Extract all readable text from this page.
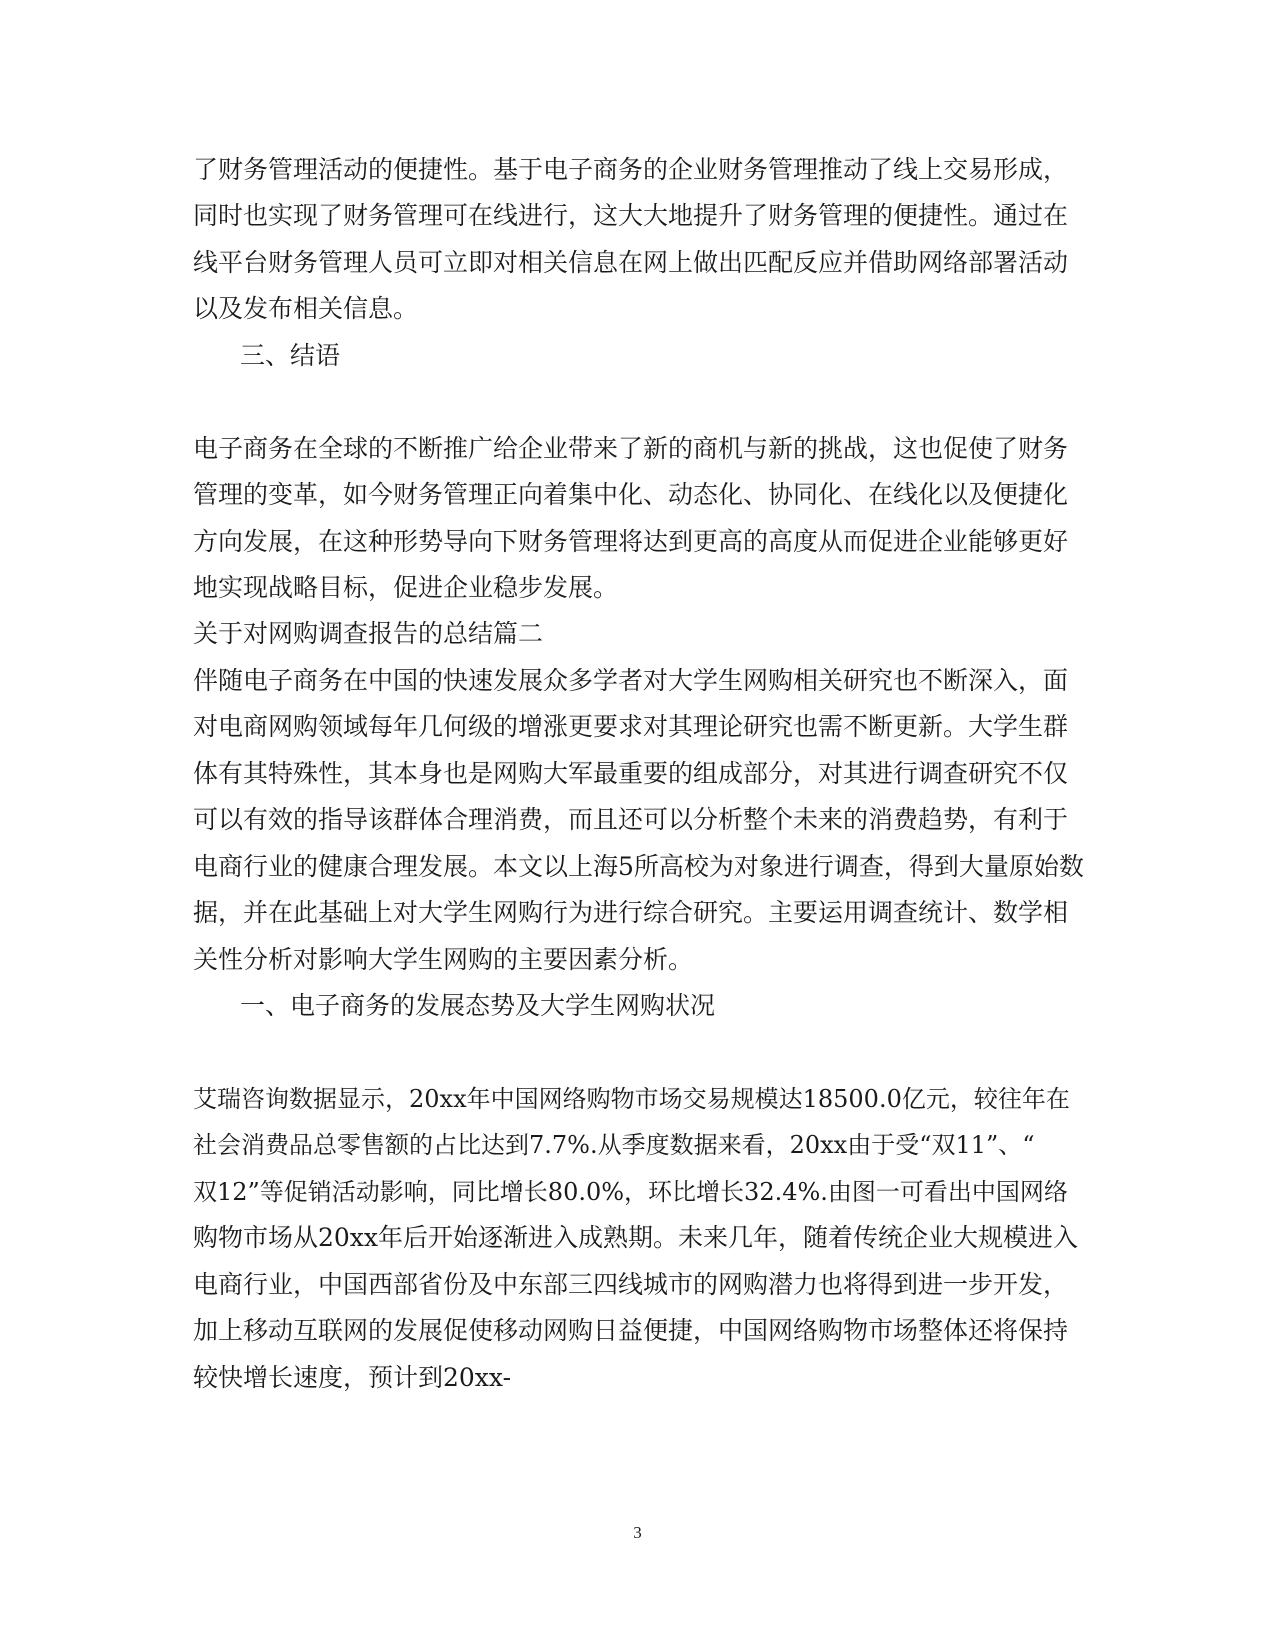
了财务管理活动的便捷性。基于电子商务的企业财务管理推动了线上交易形成，
同时也实现了财务管理可在线进行，这大大地提升了财务管理的便捷性。通过在
线平台财务管理人员可立即对相关信息在网上做出匹配反应并借助网络部署活动
以及发布相关信息。
三、结语
电子商务在全球的不断推广给企业带来了新的商机与新的挑战，这也促使了财务
管理的变革，如今财务管理正向着集中化、动态化、协同化、在线化以及便捷化
方向发展，在这种形势导向下财务管理将达到更高的高度从而促进企业能够更好
地实现战略目标，促进企业稳步发展。
关于对网购调查报告的总结篇二
伴随电子商务在中国的快速发展众多学者对大学生网购相关研究也不断深入，面
对电商网购领域每年几何级的增涨更要求对其理论研究也需不断更新。大学生群
体有其特殊性，其本身也是网购大军最重要的组成部分，对其进行调查研究不仅
可以有效的指导该群体合理消费，而且还可以分析整个未来的消费趋势，有利于
电商行业的健康合理发展。本文以上海5所高校为对象进行调查，得到大量原始数
据，并在此基础上对大学生网购行为进行综合研究。主要运用调查统计、数学相
关性分析对影响大学生网购的主要因素分析。
一、电子商务的发展态势及大学生网购状况
艾瑞咨询数据显示，20xx年中国网络购物市场交易规模达18500.0亿元，较往年在
社会消费品总零售额的占比达到7.7%.从季度数据来看，20xx由于受“双11”、“
双12”等促销活动影响，同比增长80.0%，环比增长32.4%.由图一可看出中国网络
购物市场从20xx年后开始逐渐进入成熟期。未来几年，随着传统企业大规模进入
电商行业，中国西部省份及中东部三四线城市的网购潜力也将得到进一步开发，
加上移动互联网的发展促使移动网购日益便捷，中国网络购物市场整体还将保持
较快增长速度，预计到20xx-
3
